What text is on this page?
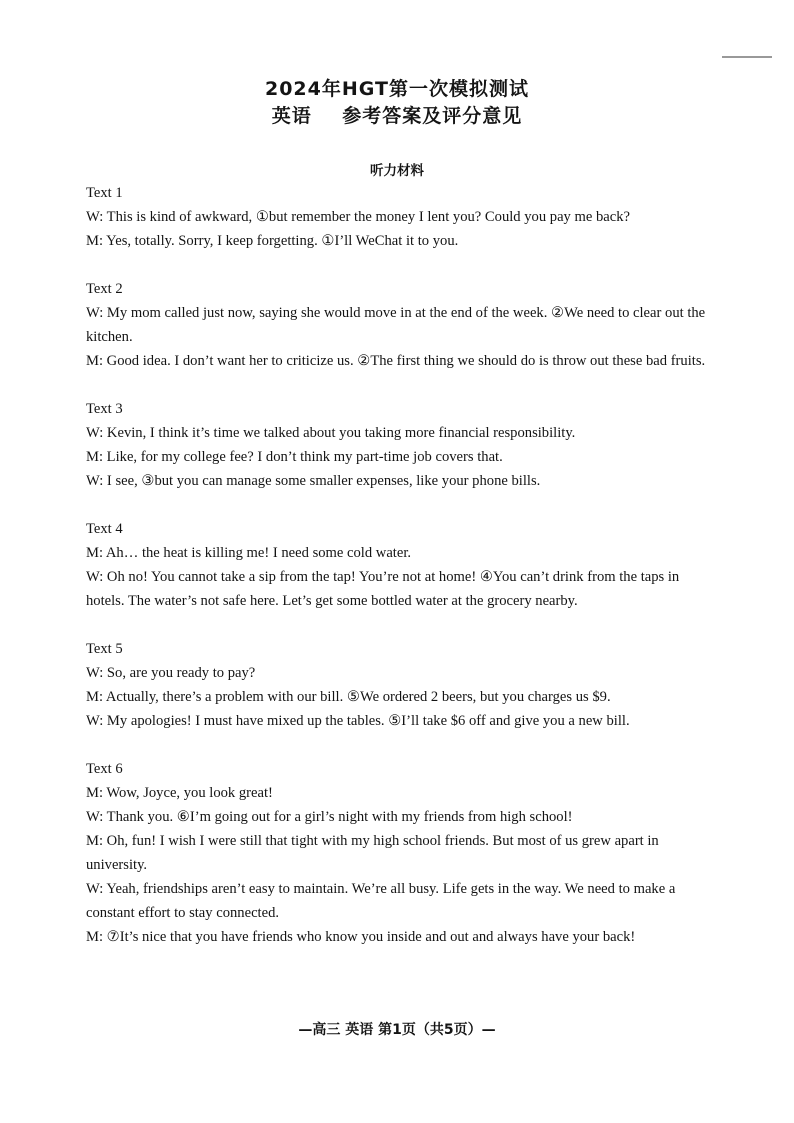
2024年HGT第一次模拟测试
英语    参考答案及评分意见
听力材料

Text 1

W: This is kind of awkward, ①but remember the money I lent you? Could you pay me back?

M: Yes, totally. Sorry, I keep forgetting. ①I’ll WeChat it to you.

Text 2

W: My mom called just now, saying she would move in at the end of the week. ②We need to clear out the kitchen.

M: Good idea. I don’t want her to criticize us. ②The first thing we should do is throw out these bad fruits.

Text 3

W: Kevin, I think it’s time we talked about you taking more financial responsibility.

M: Like, for my college fee? I don’t think my part-time job covers that.

W: I see, ③but you can manage some smaller expenses, like your phone bills.

Text 4

M: Ah… the heat is killing me! I need some cold water.

W: Oh no! You cannot take a sip from the tap! You’re not at home! ④You can’t drink from the taps in hotels. The water’s not safe here. Let’s get some bottled water at the grocery nearby.

Text 5

W: So, are you ready to pay?

M: Actually, there’s a problem with our bill. ⑤We ordered 2 beers, but you charges us $9.

W: My apologies! I must have mixed up the tables. ⑤I’ll take $6 off and give you a new bill.

Text 6

M: Wow, Joyce, you look great!

W: Thank you. ⑥I’m going out for a girl’s night with my friends from high school!

M: Oh, fun! I wish I were still that tight with my high school friends. But most of us grew apart in university.

W: Yeah, friendships aren’t easy to maintain. We’re all busy. Life gets in the way. We need to make a constant effort to stay connected.

M: ⑦It’s nice that you have friends who know you inside and out and always have your back!

—高三 英语 第1页（共5页）—
